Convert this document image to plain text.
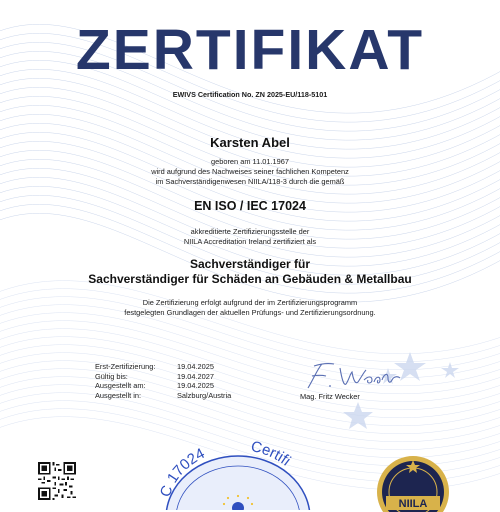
ZERTIFIKAT
EWIVS Certification No. ZN 2025-EU/118-5101
Karsten Abel
geboren am 11.01.1967
wird aufgrund des Nachweises seiner fachlichen Kompetenz
im Sachverständigenwesen NIILA/118-3 durch die gemäß
EN ISO / IEC 17024
akkreditierte Zertifizierungsstelle der
NIILA Accreditation Ireland zertifiziert als
Sachverständiger für
Sachverständiger für Schäden an Gebäuden & Metallbau
Die Zertifizierung erfolgt aufgrund der im Zertifizierungsprogramm
festgelegten Grundlagen der aktuellen Prüfungs- und Zertifizierungsordnung.
Erst-Zertifizierung:	19.04.2025
Gültig bis:	19.04.2027
Ausgestellt am:	19.04.2025
Ausgestellt in:	Salzburg/Austria	Mag. Fritz Wecker
C 17024	Certifi
NIILA
